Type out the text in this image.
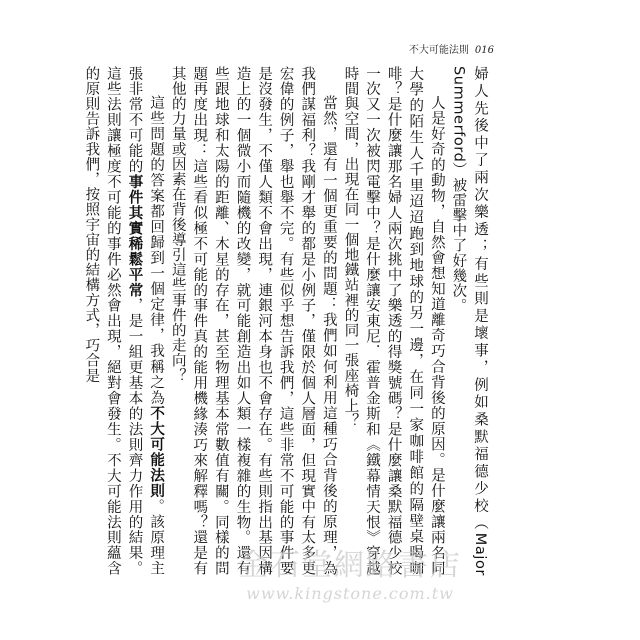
不大可能法則 016

婦人先後中了兩次樂透；有些則是壞事，例如桑默福德少校（Major Summerford）被雷擊中了好幾次。

人是好奇的動物，自然會想知道離奇巧合背後的原因。是什麼讓兩名同大學的陌生人千里迢迢跑到地球的另一邊，在同一家咖啡館的隔壁桌喝咖啡？是什麼讓那名婦人兩次挑中了樂透的得獎號碼？是什麼讓桑默福德少校一次又一次被閃電擊中？是什麼讓安東尼．霍普金斯和《鐵幕情天恨》穿越時間與空間，出現在同一個地鐵站裡的同一張座椅上？

當然，還有一個更重要的問題：我們如何利用這種巧合背後的原理，為我們謀福利？我剛才舉的都是小例子，僅限於個人層面，但現實中有太多更宏偉的例子，舉也舉不完。有些似乎想告訴我們，這些非常不可能的事件要是沒發生，不僅人類不會出現，連銀河本身也不會存在。有些則指出基因構造上的一個微小而隨機的改變，就可能創造出如人類一樣複雜的生物。還有些跟地球和太陽的距離、木星的存在，甚至物理基本常數值有關。同樣的問題再度出現：這些看似極不可能的事件真的能用機緣湊巧來解釋嗎？還是有其他的力量或因素在背後導引這些事件的走向？

這些問題的答案都回歸到一個定律，我稱之為不大可能法則。該原理主張非常不可能的事件其實稀鬆平常，是一組更基本的法則齊力作用的結果。這些法則讓極度不可能的事件必然會出現，絕對會發生。不大可能法則蘊含的原則告訴我們，按照宇宙的結構方式，巧合是

金石堂網路書店
www.kingstone.com.tw
